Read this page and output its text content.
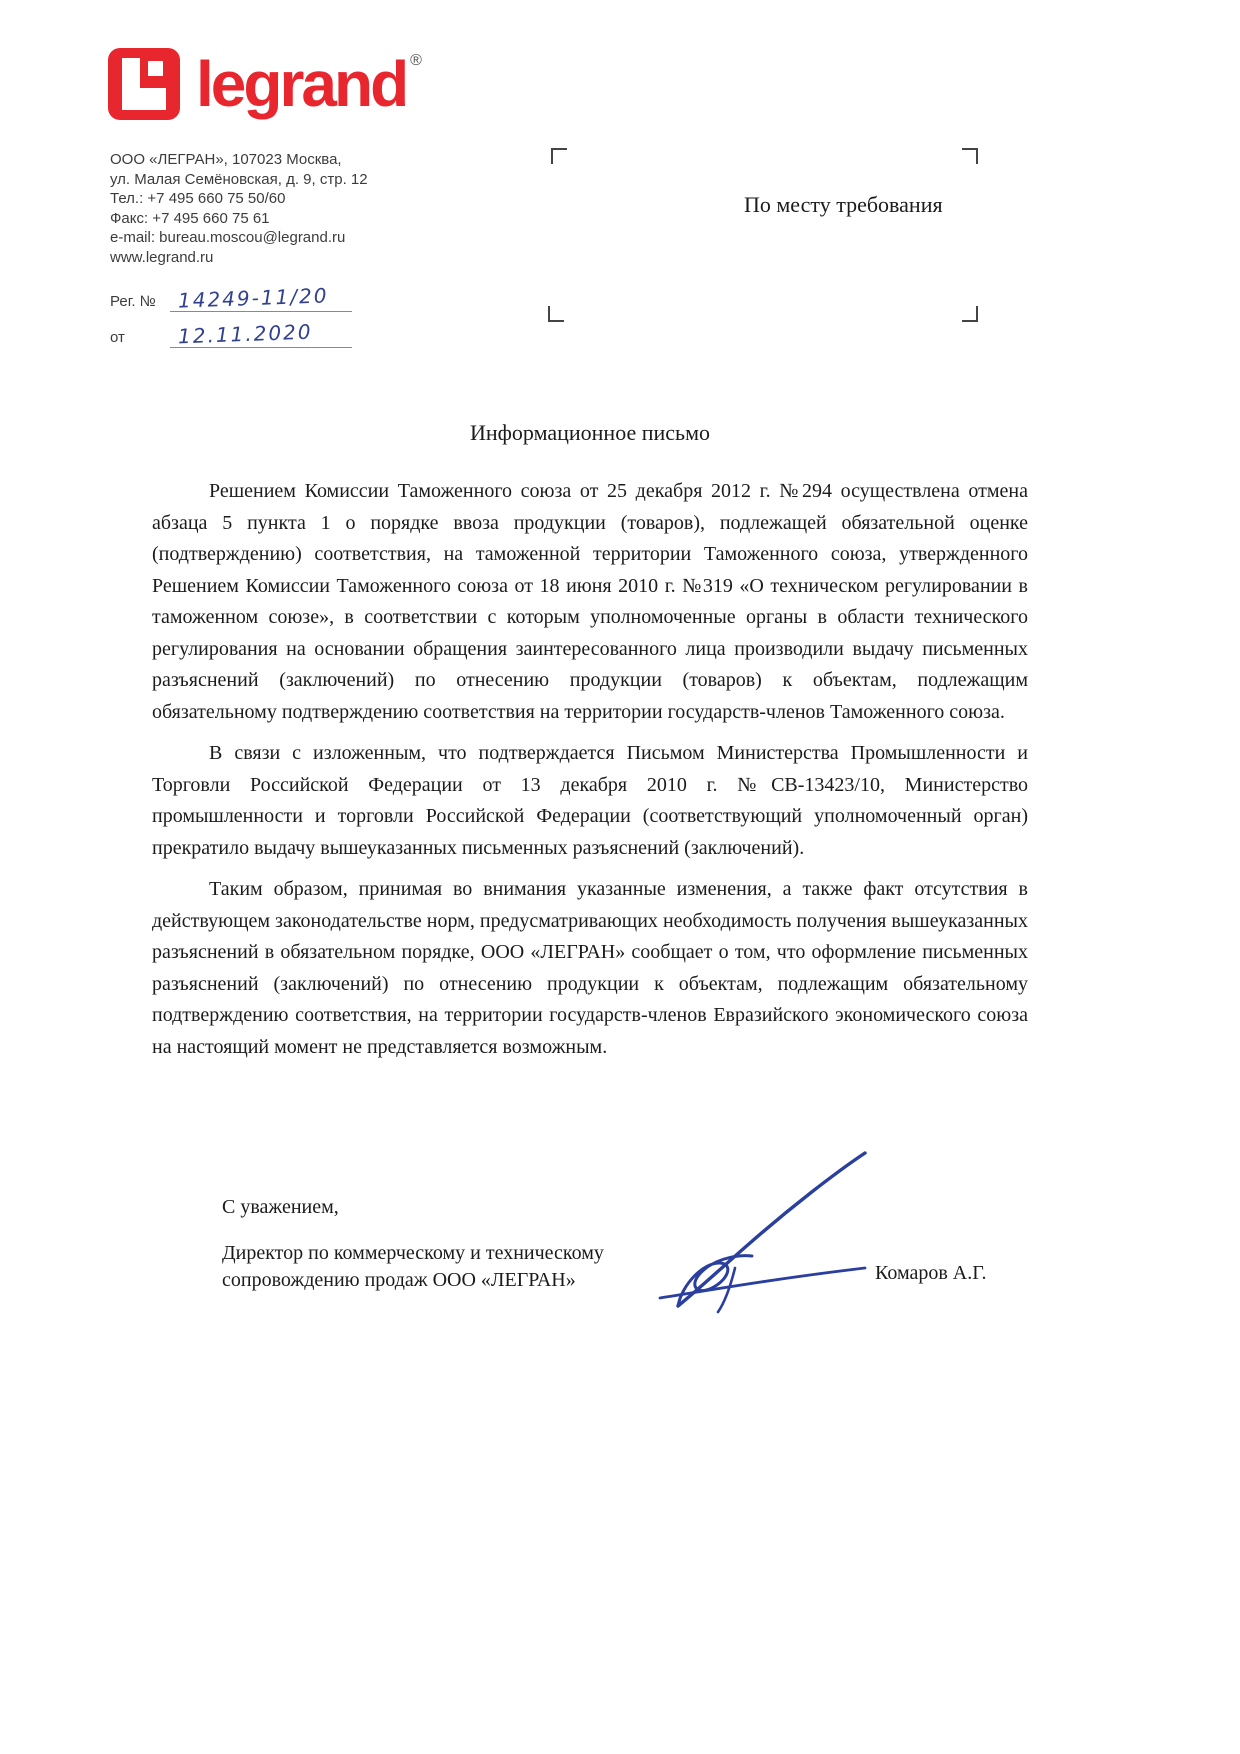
legrand ®
ООО «ЛЕГРАН», 107023 Москва,
ул. Малая Семёновская, д. 9, стр. 12
Тел.: +7 495 660 75 50/60
Факс: +7 495 660 75 61
e-mail: bureau.moscou@legrand.ru
www.legrand.ru
Рег. №	14249-11/20
от	12.11.2020
По месту требования
Информационное письмо

Решением Комиссии Таможенного союза от 25 декабря 2012 г. №294 осуществлена отмена абзаца 5 пункта 1 о порядке ввоза продукции (товаров), подлежащей обязательной оценке (подтверждению) соответствия, на таможенной территории Таможенного союза, утвержденного Решением Комиссии Таможенного союза от 18 июня 2010 г. №319 «О техническом регулировании в таможенном союзе», в соответствии с которым уполномоченные органы в области технического регулирования на основании обращения заинтересованного лица производили выдачу письменных разъяснений (заключений) по отнесению продукции (товаров) к объектам, подлежащим обязательному подтверждению соответствия на территории государств-членов Таможенного союза.

В связи с изложенным, что подтверждается Письмом Министерства Промышленности и Торговли Российской Федерации от 13 декабря 2010 г. №СВ-13423/10, Министерство промышленности и торговли Российской Федерации (соответствующий уполномоченный орган) прекратило выдачу вышеуказанных письменных разъяснений (заключений).

Таким образом, принимая во внимания указанные изменения, а также факт отсутствия в действующем законодательстве норм, предусматривающих необходимость получения вышеуказанных разъяснений в обязательном порядке, ООО «ЛЕГРАН» сообщает о том, что оформление письменных разъяснений (заключений) по отнесению продукции к объектам, подлежащим обязательному подтверждению соответствия, на территории государств-членов Евразийского экономического союза на настоящий момент не представляется возможным.

С уважением,
Директор по коммерческому и техническому
сопровождению продаж ООО «ЛЕГРАН»	Комаров А.Г.
